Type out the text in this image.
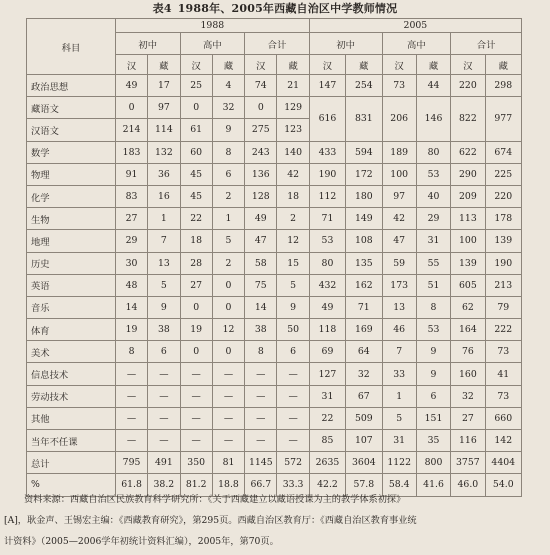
表4 1988年、2005年西藏自治区中学教师情况
科目	1988						2005					
	初中		高中		合计		初中		高中		合计	
	汉	藏	汉	藏	汉	藏	汉	藏	汉	藏	汉	藏
政治思想	49	17	25	4	74	21	147	254	73	44	220	298
藏语文	0	97	0	32	0	129	616	831	206	146	822	977
汉语文	214	114	61	9	275	123						
数学	183	132	60	8	243	140	433	594	189	80	622	674
物理	91	36	45	6	136	42	190	172	100	53	290	225
化学	83	16	45	2	128	18	112	180	97	40	209	220
生物	27	1	22	1	49	2	71	149	42	29	113	178
地理	29	7	18	5	47	12	53	108	47	31	100	139
历史	30	13	28	2	58	15	80	135	59	55	139	190
英语	48	5	27	0	75	5	432	162	173	51	605	213
音乐	14	9	0	0	14	9	49	71	13	8	62	79
体育	19	38	19	12	38	50	118	169	46	53	164	222
美术	8	6	0	0	8	6	69	64	7	9	76	73
信息技术	—	—	—	—	—	—	127	32	33	9	160	41
劳动技术	—	—	—	—	—	—	31	67	1	6	32	73
其他	—	—	—	—	—	—	22	509	5	151	27	660
当年不任课	—	—	—	—	—	—	85	107	31	35	116	142
总计	795	491	350	81	1145	572	2635	3604	1122	800	3757	4404
%	61.8	38.2	81.2	18.8	66.7	33.3	42.2	57.8	58.4	41.6	46.0	54.0
资料来源：西藏自治区民族教育科学研究所：《关于西藏建立以藏语授课为主的教学体系初探》
[A]，耿金声、王锡宏主编：《西藏教育研究》，第295页。西藏自治区教育厅：《西藏自治区教育事业统
计资料》（2005—2006学年初统计资料汇编），2005年，第70页。
